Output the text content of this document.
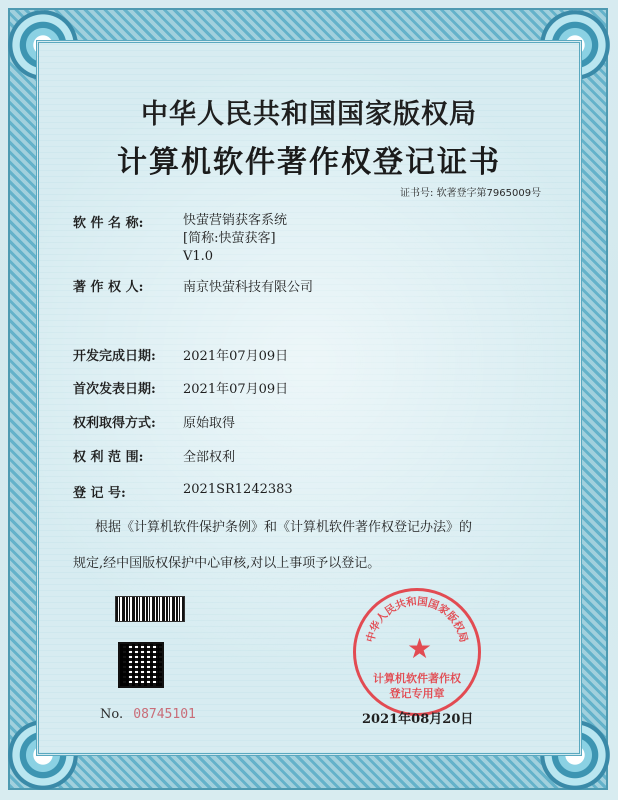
中华人民共和国国家版权局
计算机软件著作权登记证书
证书号: 软著登字第7965009号
软 件 名 称:	快萤营销获客系统
[简称:快萤获客]
V1.0
著 作 权 人:	南京快萤科技有限公司
开发完成日期:	2021年07月09日
首次发表日期:	2021年07月09日
权利取得方式:	原始取得
权 利 范 围:	全部权利
登 记 号:	2021SR1242383
根据《计算机软件保护条例》和《计算机软件著作权登记办法》的
规定,经中国版权保护中心审核,对以上事项予以登记。
No. 08745101
中华人民共和国国家版权局
★
计算机软件著作权
登记专用章
2021年08月20日
